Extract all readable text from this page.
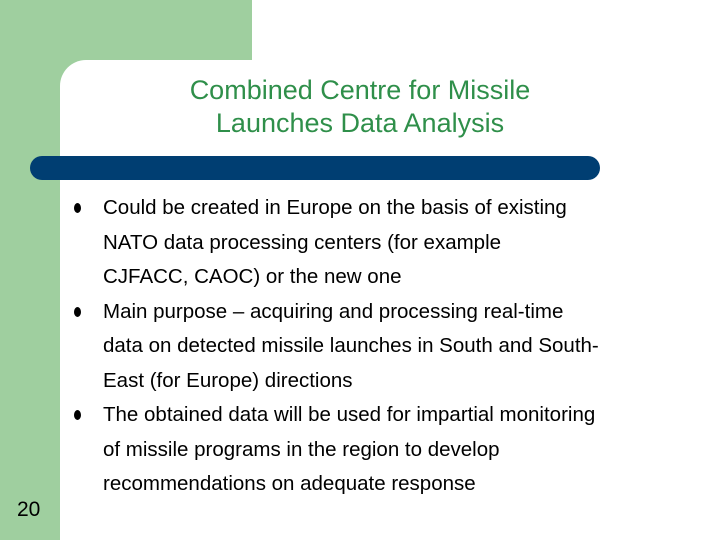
Combined Centre for Missile
Launches Data Analysis
Could be created in Europe on the basis of existing
NATO data processing centers (for example
CJFACC, CAOC) or the new one
Main purpose – acquiring and processing real-time
data on detected missile launches in South and South-
East (for Europe) directions
The obtained data will be used for impartial monitoring
of missile programs in the region to develop
recommendations on adequate response
20
